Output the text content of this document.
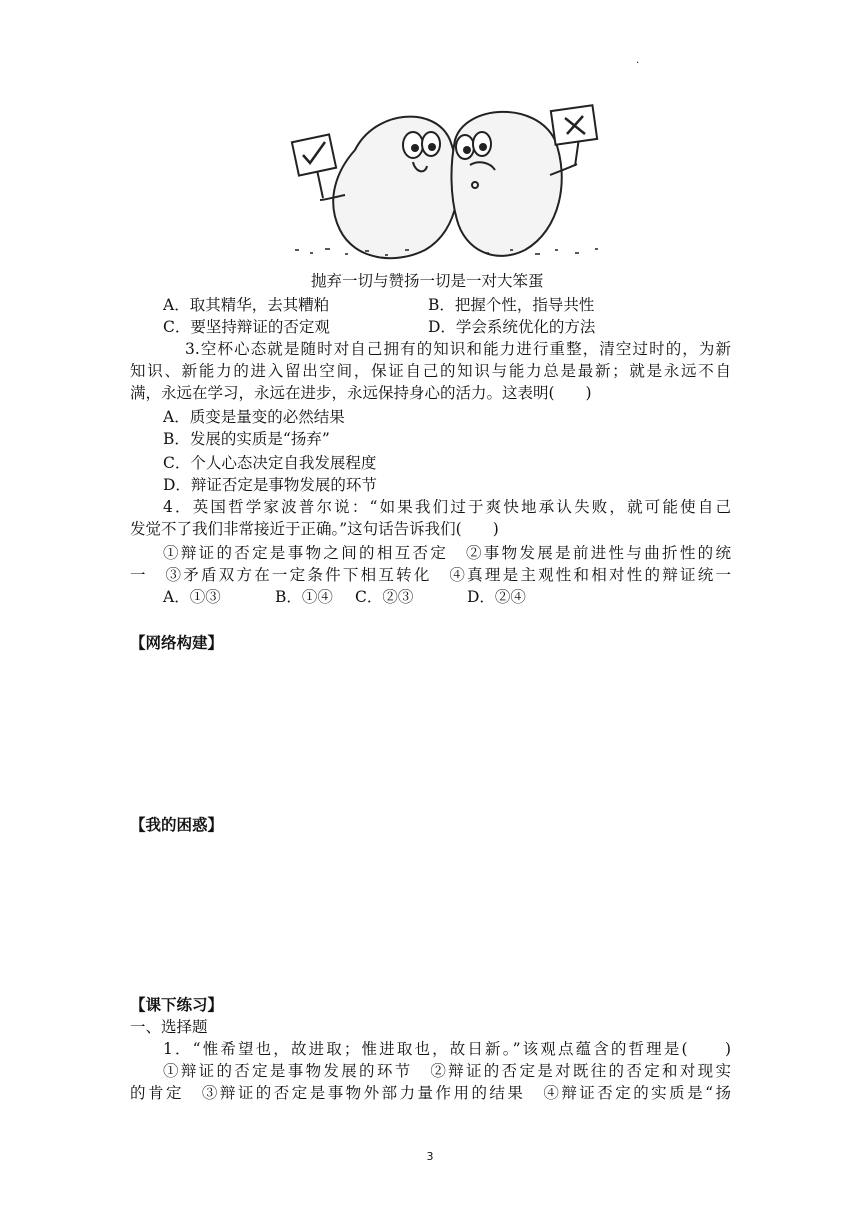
·
抛弃一切与赞扬一切是一对大笨蛋
A．取其精华，去其糟粕	B．把握个性，指导共性
C．要坚持辩证的否定观	D．学会系统优化的方法
3.空杯心态就是随时对自己拥有的知识和能力进行重整，清空过时的，为新
知识、新能力的进入留出空间，保证自己的知识与能力总是最新；就是永远不自
满，永远在学习，永远在进步，永远保持身心的活力。这表明(　　)
A．质变是量变的必然结果
B．发展的实质是“扬弃”
C．个人心态决定自我发展程度
D．辩证否定是事物发展的环节
4．英国哲学家波普尔说：“如果我们过于爽快地承认失败，就可能使自己
发觉不了我们非常接近于正确。”这句话告诉我们(　　)
①辩证的否定是事物之间的相互否定　②事物发展是前进性与曲折性的统
一　③矛盾双方在一定条件下相互转化　④真理是主观性和相对性的辩证统一
A．①③	B．①④ C．②③	D．②④
【网络构建】
【我的困惑】
【课下练习】
一、选择题
1．“惟希望也，故进取；惟进取也，故日新。”该观点蕴含的哲理是(　　)
①辩证的否定是事物发展的环节　②辩证的否定是对既往的否定和对现实
的肯定　③辩证的否定是事物外部力量作用的结果　④辩证否定的实质是“扬
3
